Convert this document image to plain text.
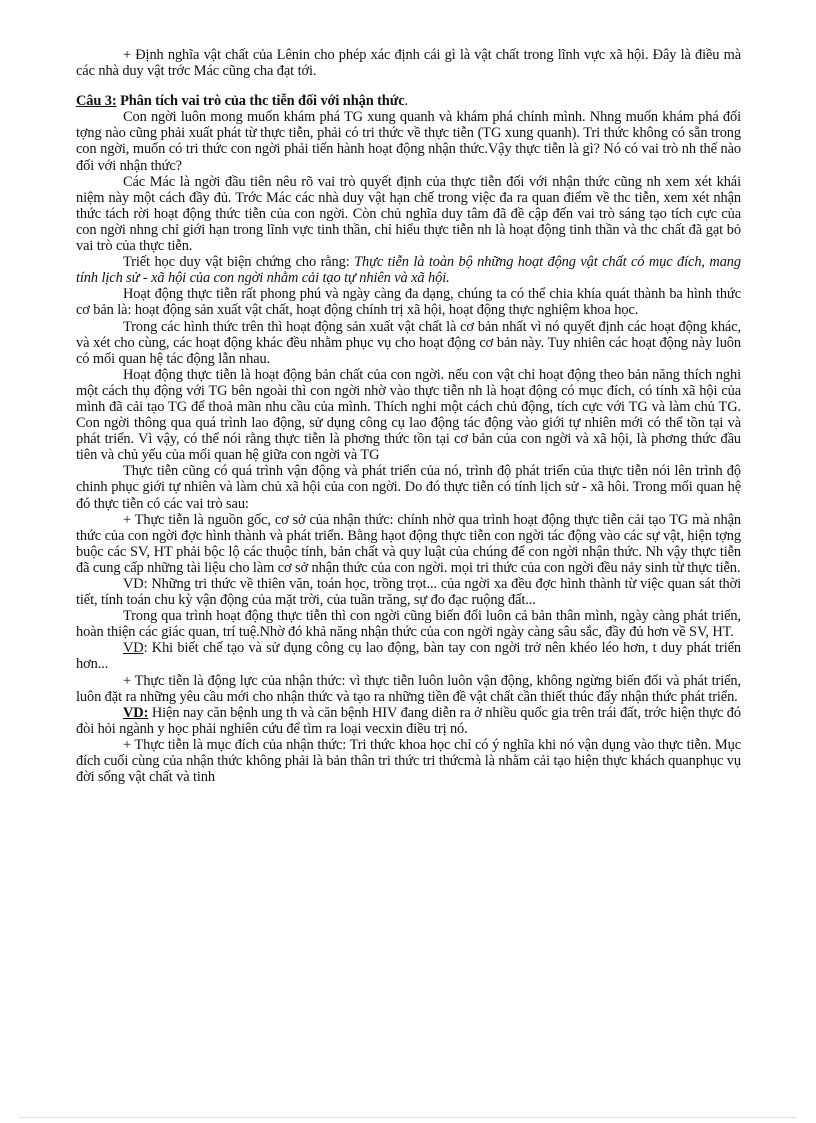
+ Định nghĩa vật chất của Lênin cho phép xác định cái gì là vật chất trong lĩnh vực xã hội. Đây là điều mà các nhà duy vật trớc Mác cũng cha đạt tới.

Câu 3: Phân tích vai trò của thc tiễn đối với nhận thức.

Con ngời luôn mong muốn khám phá TG xung quanh và khám phá chính mình. Nhng muốn khám phá đối tợng nào cũng phải xuất phát từ thực tiễn, phải có tri thức về thực tiễn (TG xung quanh). Tri thức không có sẵn trong con ngời, muốn có tri thức con ngời phải tiến hành hoạt động nhận thức.Vậy thực tiễn là gì? Nó có vai trò nh thế nào đối với nhận thức?

Các Mác là ngời đầu tiên nêu rõ vai trò quyết định của thực tiễn đối với nhận thức cũng nh xem xét khái niệm này một cách đầy đủ. Trớc Mác các nhà duy vật hạn chế trong việc đa ra quan điểm về thc tiễn, xem xét nhận thức tách rời hoạt động thức tiễn của con ngời. Còn chủ nghĩa duy tâm đã đề cập đến vai trò sáng tạo tích cực của con ngời nhng chỉ giới hạn trong lĩnh vực tinh thần, chỉ hiểu thực tiễn nh là hoạt động tinh thần và thc chất đã gạt bỏ vai trò của thực tiễn.

Triết học duy vật biện chứng cho rằng: Thực tiễn là toàn bộ những hoạt động vật chất có mục đích, mang tính lịch sử - xã hội của con ngời nhằm cải tạo tự nhiên và xã hội.

Hoạt động thực tiễn rất phong phú và ngày càng đa dạng, chúng ta có thể chia khía quát thành ba hình thức cơ bản là: hoạt động sản xuất vật chất, hoạt động chính trị xã hội, hoạt động thực nghiệm khoa học.

Trong các hình thức trên thì hoạt động sản xuất vật chất là cơ bản nhất vì nó quyết định các hoạt động khác, và xét cho cùng, các hoạt động khác đều nhằm phục vụ cho hoạt động cơ bản này. Tuy nhiên các hoạt động này luôn có mối quan hệ tác động lẫn nhau.

Hoạt động thực tiễn là hoạt động bản chất của con ngời. nếu con vật chỉ hoạt động theo bản năng thích nghi một cách thụ động với TG bên ngoài thì con ngời nhờ vào thực tiễn nh là hoạt động có mục đích, có tính xã hội của mình đã cải tạo TG để thoả mãn nhu cầu của mình. Thích nghi một cách chủ động, tích cực với TG và làm chủ TG. Con ngời thông qua quá trình lao động, sử dụng công cụ lao động tác động vào giới tự nhiên mới có thể tồn tại và phát triển. Vì vậy, có thể nói rằng thực tiễn là phơng thức tồn tại cơ bản của con ngời và xã hội, là phơng thức đầu tiên và chủ yếu của mối quan hệ giữa con ngời và TG

Thực tiễn cũng có quá trình vận động và phát triển của nó, trình độ phát triển của thực tiễn nói lên trình độ chinh phục giới tự nhiên và làm chủ xã hội của con ngời. Do đó thực tiễn có tính lịch sử - xã hôi. Trong mối quan hệ đó thực tiễn có các vai trò sau:

+ Thực tiễn là nguồn gốc, cơ sở của nhận thức: chính nhờ qua trình hoạt động thực tiễn cải tạo TG mà nhận thức của con ngời đợc hình thành và phát triển. Bằng hạot động thực tiễn con ngời tác động vào các sự vật, hiện tợng buộc các SV, HT phải bộc lộ các thuộc tính, bản chất và quy luật của chúng để con ngời nhận thức. Nh vậy thực tiễn đã cung cấp những tài liệu cho làm cơ sở nhận thức của con ngời. mọi tri thức của con ngời đều nảy sinh từ thực tiễn.

VD: Những tri thức về thiên văn, toán học, trồng trọt... của ngời xa đều đợc hình thành từ việc quan sát thời tiết, tính toán chu kỳ vận động của mặt trời, của tuần trăng, sự đo đạc ruộng đất...

Trong qua trình hoạt động thực tiễn thì con ngời cũng biến đổi luôn cả bản thân mình, ngày càng phát triển, hoàn thiện các giác quan, trí tuệ.Nhờ đó khả năng nhận thức của con ngời ngày càng sâu sắc, đầy đủ hơn về SV, HT.

VD: Khi biết chế tạo và sử dụng công cụ lao động, bàn tay con ngời trở nên khéo léo hơn, t duy phát triển hơn...

+ Thực tiễn là động lực của nhận thức: vì thực tiễn luôn luôn vận động, không ngừng biến đổi và phát triển, luôn đặt ra những yêu cầu mới cho nhận thức và tạo ra những tiền đề vật chất cần thiết thúc đẩy nhận thức phát triển.

VD: Hiện nay căn bệnh ung th và căn bệnh HIV đang diễn ra ở nhiều quốc gia trên trái đất, trớc hiện thực đó đòi hỏi ngành y học phải nghiên cứu để tìm ra loại vecxin điều trị nó.

+ Thực tiễn là mục đích của nhận thức: Tri thức khoa học chỉ có ý nghĩa khi nó vận dụng vào thực tiễn. Mục đích cuối cùng của nhận thức không phải là bản thân tri thức tri thứcmà là nhằm cải tạo hiện thực khách quanphục vụ đời sống vật chất và tinh
